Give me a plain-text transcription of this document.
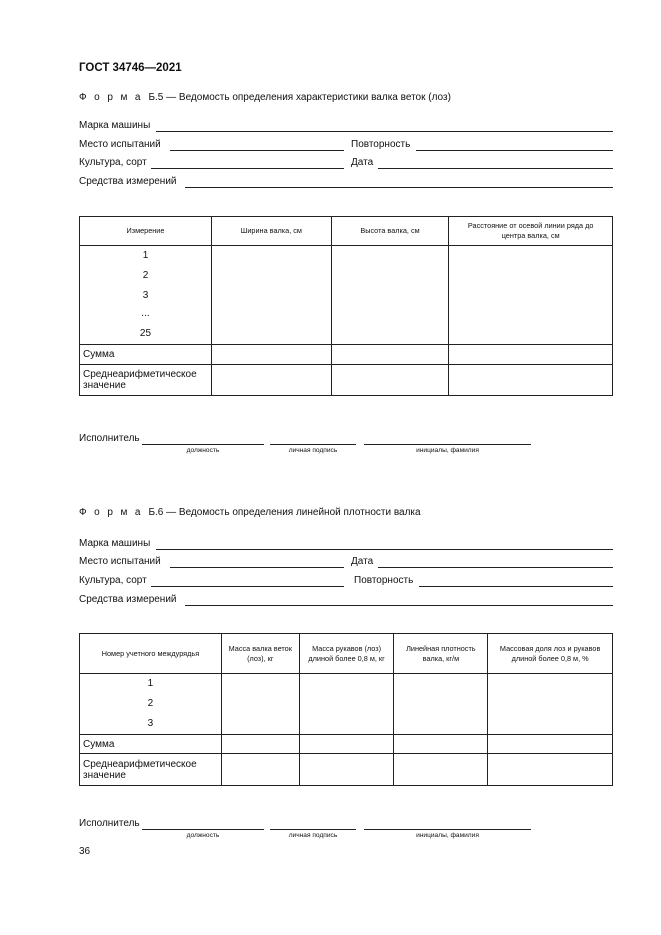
ГОСТ 34746—2021
Ф о р м а Б.5 — Ведомость определения характеристики валка веток (лоз)
Марка машины
Место испытаний	Повторность
Культура, сорт	Дата
Средства измерений
Измерение	Ширина валка, см	Высота валка, см	Расстояние от осевой линии ряда до центра валка, см

1
2
3
...
25			

Сумма			
Среднеарифметическое значение			
Исполнитель
должность	личная подпись	инициалы, фамилия
Ф о р м а Б.6 — Ведомость определения линейной плотности валка
Марка машины
Место испытаний	Дата
Культура, сорт	Повторность
Средства измерений
Номер учетного междурядья	Масса валка веток (лоз), кг	Масса рукавов (лоз) длиной более 0,8 м, кг	Линейная плотность валка, кг/м	Массовая доля лоз и рукавов длиной более 0,8 м, %

1
2
3				

Сумма				
Среднеарифметическое значение				
Исполнитель
должность	личная подпись	инициалы, фамилия
36
